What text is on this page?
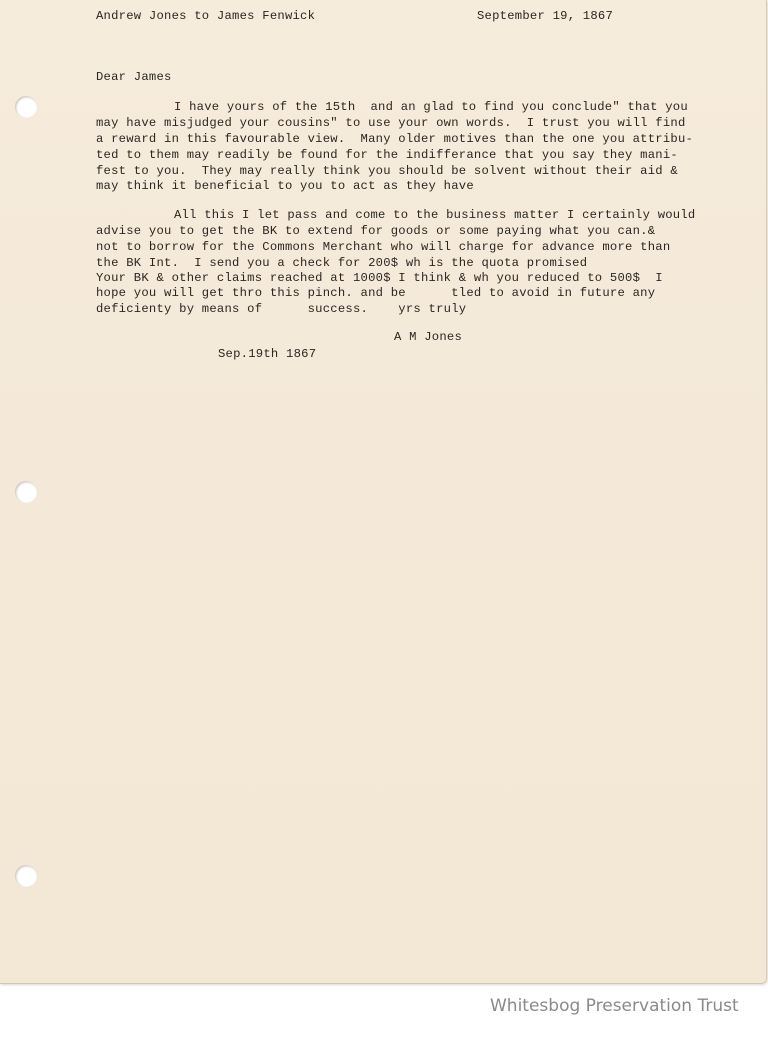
Andrew Jones to James Fenwick	September 19, 1867

Dear James

I have yours of the 15th  and an glad to find you conclude" that you

may have misjudged your cousins" to use your own words.  I trust you will find

a reward in this favourable view.  Many older motives than the one you attribu-

ted to them may readily be found for the indifferance that you say they mani-

fest to you.  They may really think you should be solvent without their aid &

may think it beneficial to you to act as they have

All this I let pass and come to the business matter I certainly would

advise you to get the BK to extend for goods or some paying what you can.&

not to borrow for the Commons Merchant who will charge for advance more than

the BK Int.  I send you a check for 200$ wh is the quota promised

Your BK & other claims reached at 1000$ I think & wh you reduced to 500$  I

hope you will get thro this pinch. and be      tled to avoid in future any

deficienty by means of      success.    yrs truly

A M Jones

Sep.19th 1867

Whitesbog Preservation Trust
